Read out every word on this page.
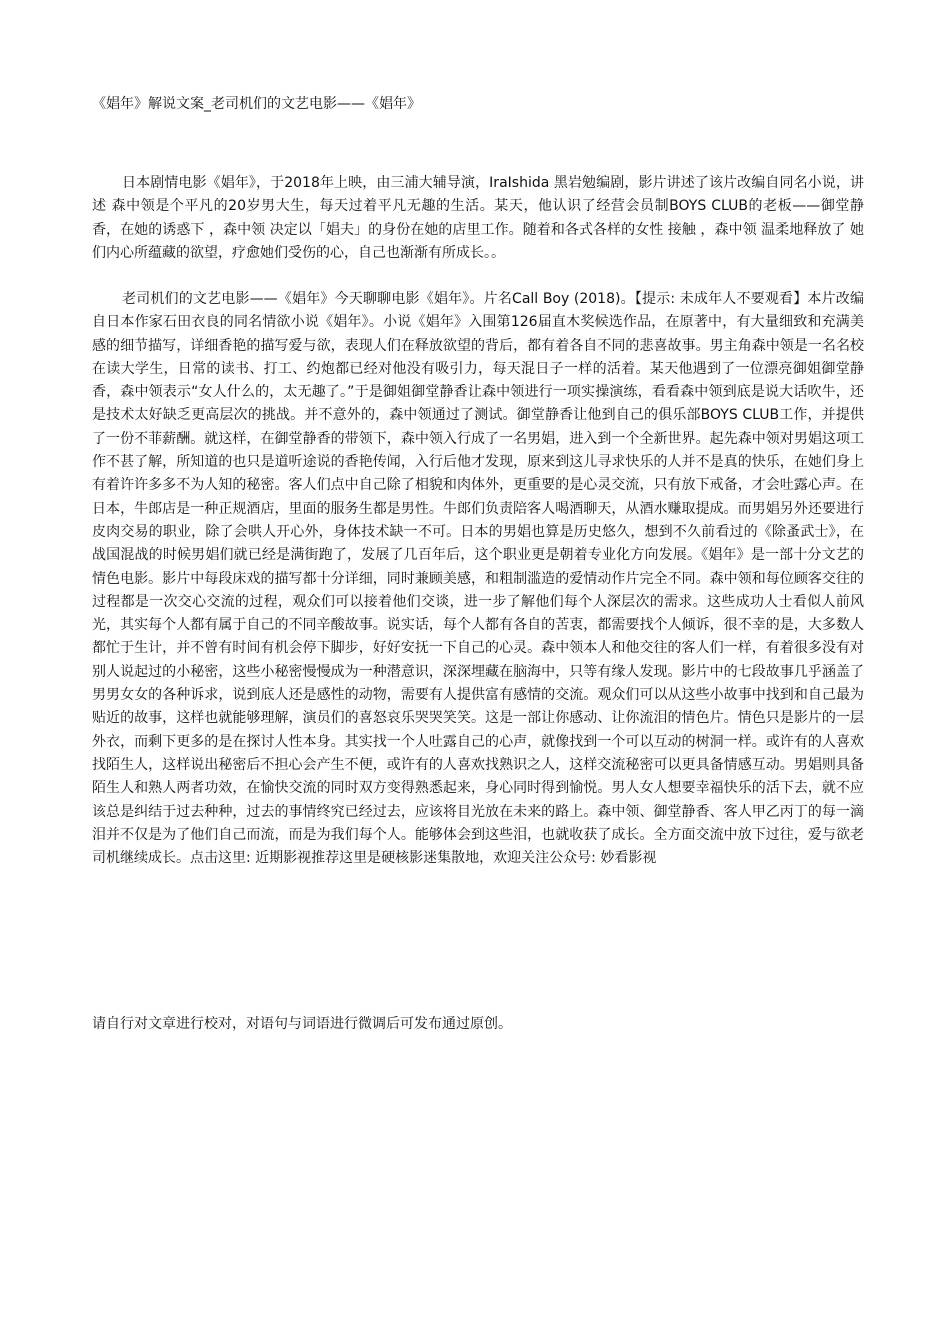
《娼年》解说文案_老司机们的文艺电影——《娼年》

日本剧情电影《娼年》，于2018年上映，由三浦大辅导演，IraIshida 黑岩勉编剧，影片讲述了该片改编自同名小说，讲述 森中领是个平凡的20岁男大生，每天过着平凡无趣的生活。某天，他认识了经营会员制BOYS CLUB的老板——御堂静香，在她的诱惑下 ，森中领 决定以「娼夫」的身份在她的店里工作。随着和各式各样的女性 接触 ，森中领 温柔地释放了 她们内心所蕴藏的欲望，疗愈她们受伤的心，自己也渐渐有所成长。。

老司机们的文艺电影——《娼年》今天聊聊电影《娼年》。片名Call Boy (2018)。【提示: 未成年人不要观看】本片改编自日本作家石田衣良的同名情欲小说《娼年》。小说《娼年》入围第126届直木奖候选作品，在原著中，有大量细致和充满美感的细节描写，详细香艳的描写爱与欲，表现人们在释放欲望的背后，都有着各自不同的悲喜故事。男主角森中领是一名名校在读大学生，日常的读书、打工、约炮都已经对他没有吸引力，每天混日子一样的活着。某天他遇到了一位漂亮御姐御堂静香，森中领表示“女人什么的，太无趣了。”于是御姐御堂静香让森中领进行一项实操演练，看看森中领到底是说大话吹牛，还是技术太好缺乏更高层次的挑战。并不意外的，森中领通过了测试。御堂静香让他到自己的俱乐部BOYS CLUB工作，并提供了一份不菲薪酬。就这样，在御堂静香的带领下，森中领入行成了一名男娼，进入到一个全新世界。起先森中领对男娼这项工作不甚了解，所知道的也只是道听途说的香艳传闻，入行后他才发现，原来到这儿寻求快乐的人并不是真的快乐，在她们身上有着许许多多不为人知的秘密。客人们点中自己除了相貌和肉体外，更重要的是心灵交流，只有放下戒备，才会吐露心声。在日本，牛郎店是一种正规酒店，里面的服务生都是男性。牛郎们负责陪客人喝酒聊天，从酒水赚取提成。而男娼另外还要进行皮肉交易的职业，除了会哄人开心外，身体技术缺一不可。日本的男娼也算是历史悠久，想到不久前看过的《除蚤武士》，在战国混战的时候男娼们就已经是满街跑了，发展了几百年后，这个职业更是朝着专业化方向发展。《娼年》是一部十分文艺的情色电影。影片中每段床戏的描写都十分详细，同时兼顾美感，和粗制滥造的爱情动作片完全不同。森中领和每位顾客交往的过程都是一次交心交流的过程，观众们可以接着他们交谈，进一步了解他们每个人深层次的需求。这些成功人士看似人前风光，其实每个人都有属于自己的不同辛酸故事。说实话，每个人都有各自的苦衷，都需要找个人倾诉，很不幸的是，大多数人都忙于生计，并不曾有时间有机会停下脚步，好好安抚一下自己的心灵。森中领本人和他交往的客人们一样，有着很多没有对别人说起过的小秘密，这些小秘密慢慢成为一种潜意识，深深埋藏在脑海中，只等有缘人发现。影片中的七段故事几乎涵盖了男男女女的各种诉求，说到底人还是感性的动物，需要有人提供富有感情的交流。观众们可以从这些小故事中找到和自己最为贴近的故事，这样也就能够理解，演员们的喜怒哀乐哭哭笑笑。这是一部让你感动、让你流泪的情色片。情色只是影片的一层外衣，而剩下更多的是在探讨人性本身。其实找一个人吐露自己的心声，就像找到一个可以互动的树洞一样。或许有的人喜欢找陌生人，这样说出秘密后不担心会产生不便，或许有的人喜欢找熟识之人，这样交流秘密可以更具备情感互动。男娼则具备陌生人和熟人两者功效，在愉快交流的同时双方变得熟悉起来，身心同时得到愉悦。男人女人想要幸福快乐的活下去，就不应该总是纠结于过去种种，过去的事情终究已经过去，应该将目光放在未来的路上。森中领、御堂静香、客人甲乙丙丁的每一滴泪并不仅是为了他们自己而流，而是为我们每个人。能够体会到这些泪，也就收获了成长。全方面交流中放下过往，爱与欲老司机继续成长。点击这里: 近期影视推荐这里是硬核影迷集散地，欢迎关注公众号: 妙看影视

请自行对文章进行校对，对语句与词语进行微调后可发布通过原创。
